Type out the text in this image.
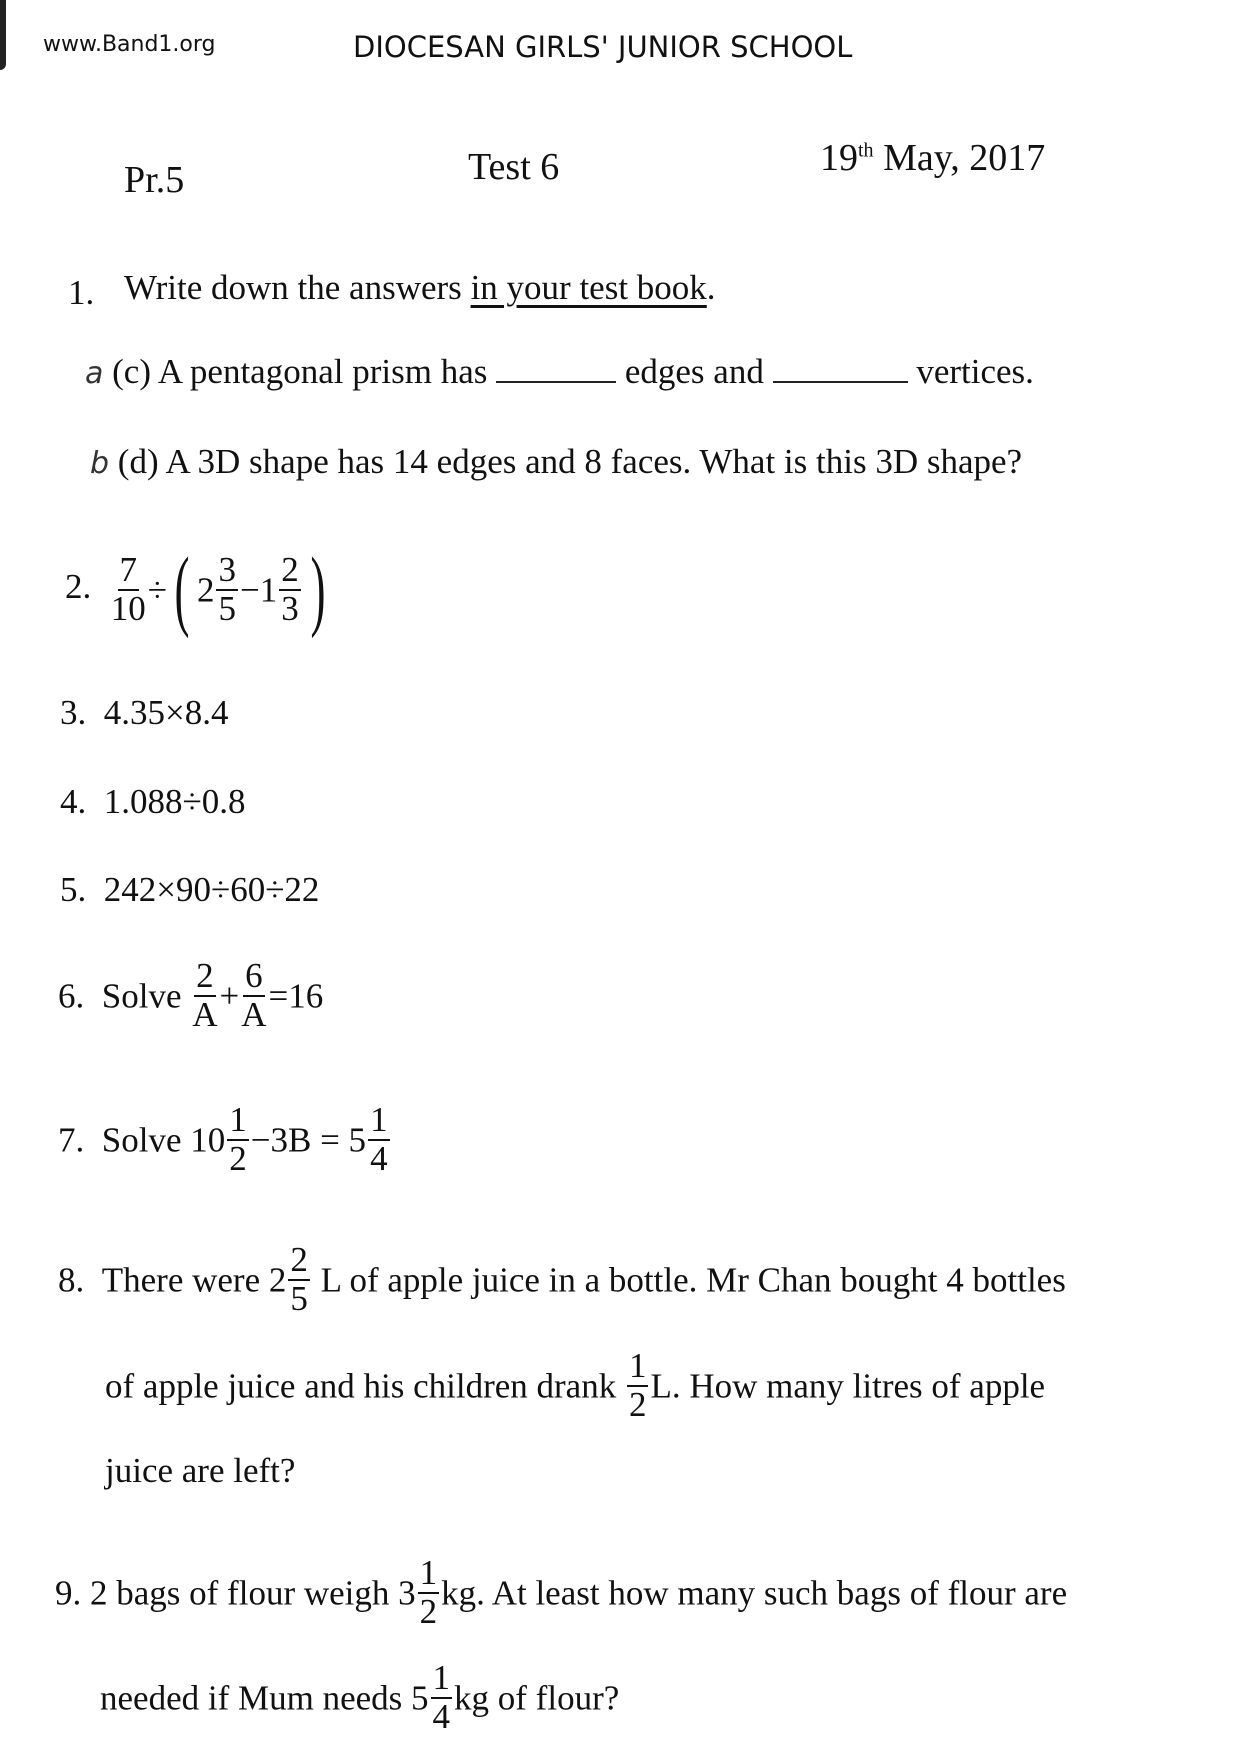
www.Band1.org	DIOCESAN GIRLS' JUNIOR SCHOOL
Pr.5	Test 6	19th May, 2017
1. Write down the answers in your test book.
a (c) A pentagonal prism has	edges and	vertices.
b (d) A 3D shape has 14 edges and 8 faces. What is this 3D shape?
2. $\frac{7}{10}$ ÷( $2 \frac{3}{5} -1 \frac{2}{3}$ )
3. 4.35×8.4
4. 1.088÷0.8
5. 242×90÷60÷22
6. Solve $\frac{2}{A} + \frac{6}{A} =16$
7. Solve $10 \frac{1}{2} -3B = 5 \frac{1}{4}$
8. There were $2 \frac{2}{5}$ L of apple juice in a bottle. Mr Chan bought 4 bottles
of apple juice and his children drank $\frac{1}{2} L$. How many litres of apple
juice are left?
9. 2 bags of flour weigh $3 \frac{1}{2}$ kg. At least how many such bags of flour are
needed if Mum needs $5 \frac{1}{4}$ kg of flour?
